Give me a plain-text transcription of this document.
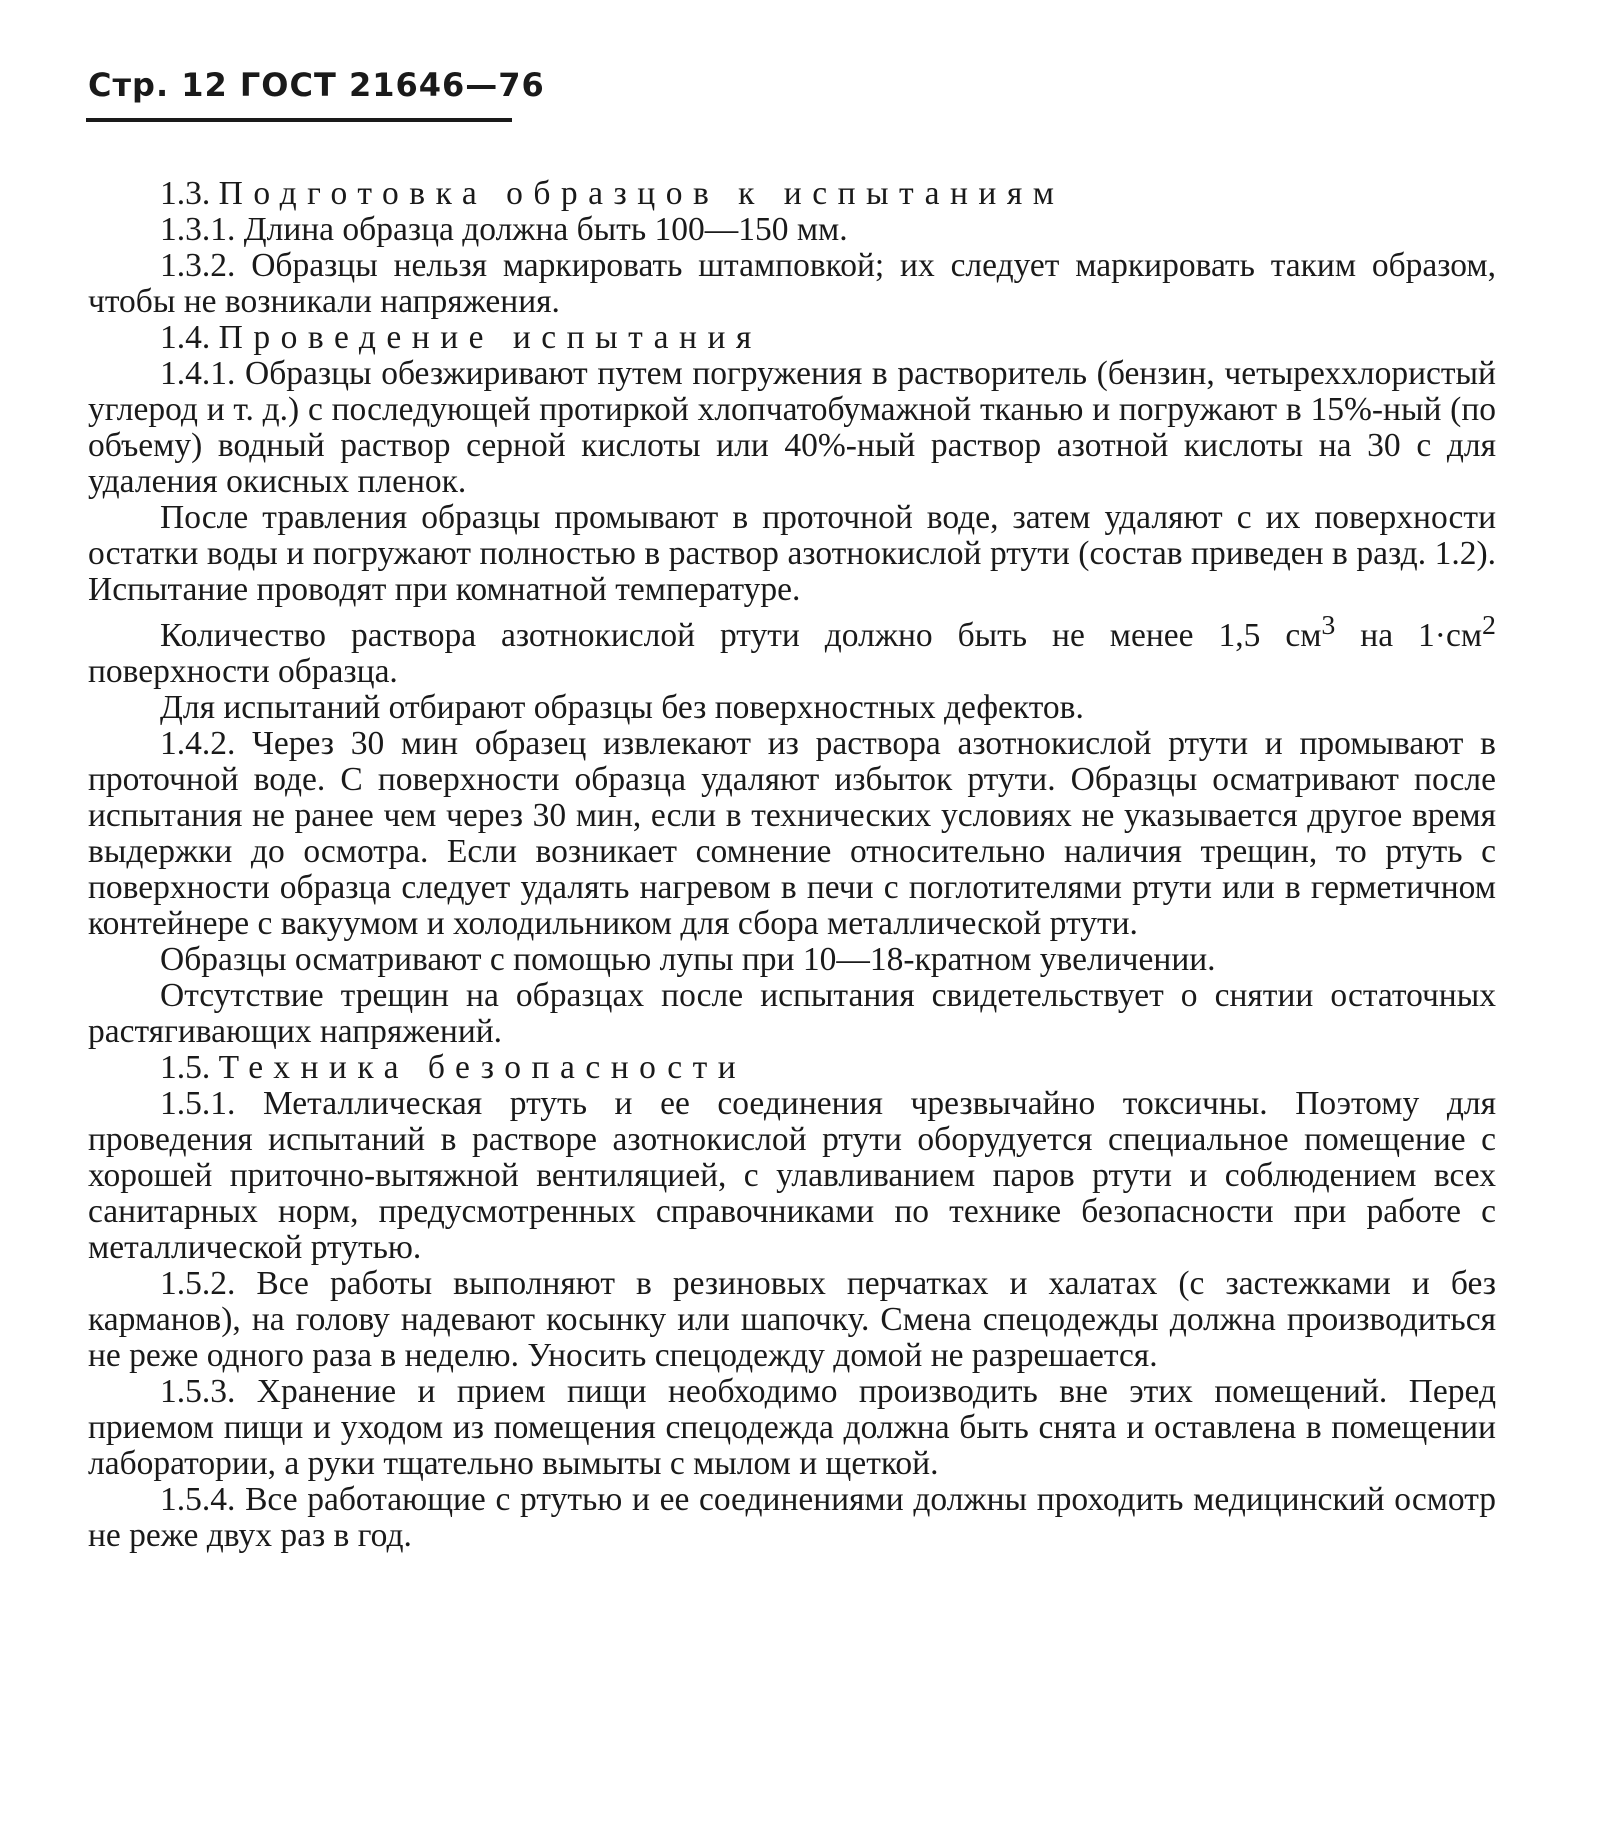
Стр. 12 ГОСТ 21646—76

1.3. Подготовка образцов к испытаниям

1.3.1. Длина образца должна быть 100—150 мм.

1.3.2. Образцы нельзя маркировать штамповкой; их следует маркировать таким образом, чтобы не возникали напряжения.

1.4. Проведение испытания

1.4.1. Образцы обезжиривают путем погружения в растворитель (бензин, четыреххлористый углерод и т. д.) с последующей протиркой хлопчатобумажной тканью и погружают в 15%-ный (по объему) водный раствор серной кислоты или 40%-ный раствор азотной кислоты на 30 с для удаления окисных пленок.

После травления образцы промывают в проточной воде, затем удаляют с их поверхности остатки воды и погружают полностью в раствор азотнокислой ртути (состав приведен в разд. 1.2). Испытание проводят при комнатной температуре.

Количество раствора азотнокислой ртути должно быть не менее 1,5 $см^3$ на $1\cdot см^2$ поверхности образца.

Для испытаний отбирают образцы без поверхностных дефектов.

1.4.2. Через 30 мин образец извлекают из раствора азотнокислой ртути и промывают в проточной воде. С поверхности образца удаляют избыток ртути. Образцы осматривают после испытания не ранее чем через 30 мин, если в технических условиях не указывается другое время выдержки до осмотра. Если возникает сомнение относительно наличия трещин, то ртуть с поверхности образца следует удалять нагревом в печи с поглотителями ртути или в герметичном контейнере с вакуумом и холодильником для сбора металлической ртути.

Образцы осматривают с помощью лупы при 10—18-кратном увеличении.

Отсутствие трещин на образцах после испытания свидетельствует о снятии остаточных растягивающих напряжений.

1.5. Техника безопасности

1.5.1. Металлическая ртуть и ее соединения чрезвычайно токсичны. Поэтому для проведения испытаний в растворе азотнокислой ртути оборудуется специальное помещение с хорошей приточно-вытяжной вентиляцией, с улавливанием паров ртути и соблюдением всех санитарных норм, предусмотренных справочниками по технике безопасности при работе с металлической ртутью.

1.5.2. Все работы выполняют в резиновых перчатках и халатах (с застежками и без карманов), на голову надевают косынку или шапочку. Смена спецодежды должна производиться не реже одного раза в неделю. Уносить спецодежду домой не разрешается.

1.5.3. Хранение и прием пищи необходимо производить вне этих помещений. Перед приемом пищи и уходом из помещения спецодежда должна быть снята и оставлена в помещении лаборатории, а руки тщательно вымыты с мылом и щеткой.

1.5.4. Все работающие с ртутью и ее соединениями должны проходить медицинский осмотр не реже двух раз в год.
